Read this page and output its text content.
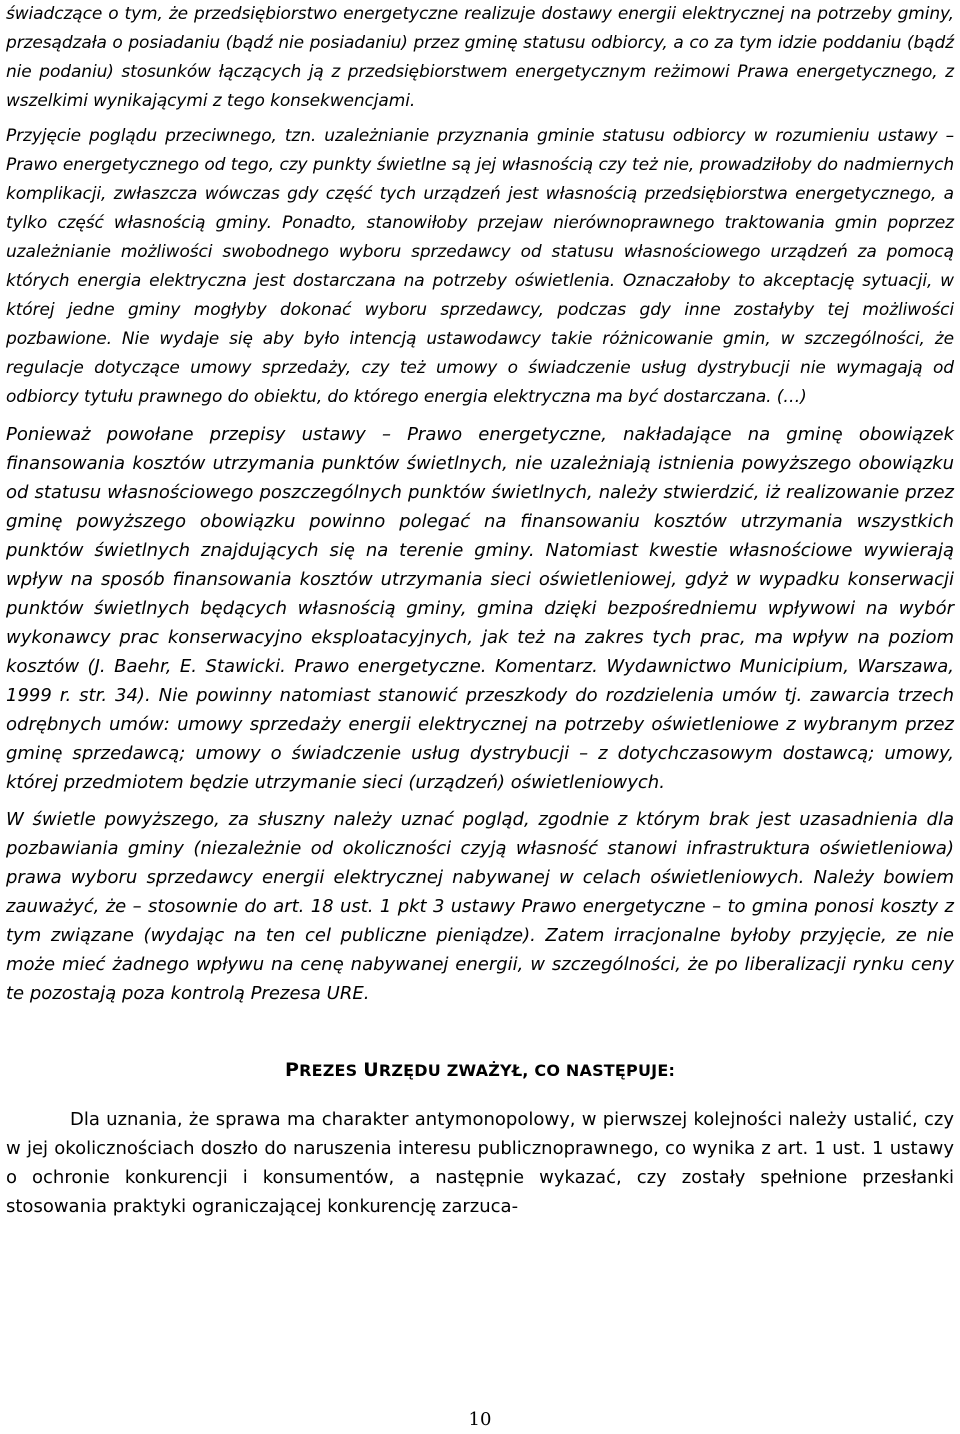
świadczące o tym, że przedsiębiorstwo energetyczne realizuje dostawy energii elektrycznej na potrzeby gminy, przesądzała o posiadaniu (bądź nie posiadaniu) przez gminę statusu odbiorcy, a co za tym idzie poddaniu (bądź nie podaniu) stosunków łączących ją z przedsiębiorstwem energetycznym reżimowi Prawa energetycznego, z wszelkimi wynikającymi z tego konsekwencjami.

Przyjęcie poglądu przeciwnego, tzn. uzależnianie przyznania gminie statusu odbiorcy w rozumieniu ustawy – Prawo energetycznego od tego, czy punkty świetlne są jej własnością czy też nie, prowadziłoby do nadmiernych komplikacji, zwłaszcza wówczas gdy część tych urządzeń jest własnością przedsiębiorstwa energetycznego, a tylko część własnością gminy. Ponadto, stanowiłoby przejaw nierównoprawnego traktowania gmin poprzez uzależnianie możliwości swobodnego wyboru sprzedawcy od statusu własnościowego urządzeń za pomocą których energia elektryczna jest dostarczana na potrzeby oświetlenia. Oznaczałoby to akceptację sytuacji, w której jedne gminy mogłyby dokonać wyboru sprzedawcy, podczas gdy inne zostałyby tej możliwości pozbawione. Nie wydaje się aby było intencją ustawodawcy takie różnicowanie gmin, w szczególności, że regulacje dotyczące umowy sprzedaży, czy też umowy o świadczenie usług dystrybucji nie wymagają od odbiorcy tytułu prawnego do obiektu, do którego energia elektryczna ma być dostarczana. (…)

Ponieważ powołane przepisy ustawy – Prawo energetyczne, nakładające na gminę obowiązek finansowania kosztów utrzymania punktów świetlnych, nie uzależniają istnienia powyższego obowiązku od statusu własnościowego poszczególnych punktów świetlnych, należy stwierdzić, iż realizowanie przez gminę powyższego obowiązku powinno polegać na finansowaniu kosztów utrzymania wszystkich punktów świetlnych znajdujących się na terenie gminy. Natomiast kwestie własnościowe wywierają wpływ na sposób finansowania kosztów utrzymania sieci oświetleniowej, gdyż w wypadku konserwacji punktów świetlnych będących własnością gminy, gmina dzięki bezpośredniemu wpływowi na wybór wykonawcy prac konserwacyjno eksploatacyjnych, jak też na zakres tych prac, ma wpływ na poziom kosztów (J. Baehr, E. Stawicki. Prawo energetyczne. Komentarz. Wydawnictwo Municipium, Warszawa, 1999 r. str. 34). Nie powinny natomiast stanowić przeszkody do rozdzielenia umów tj. zawarcia trzech odrębnych umów: umowy sprzedaży energii elektrycznej na potrzeby oświetleniowe z wybranym przez gminę sprzedawcą; umowy o świadczenie usług dystrybucji – z dotychczasowym dostawcą; umowy, której przedmiotem będzie utrzymanie sieci (urządzeń) oświetleniowych.

W świetle powyższego, za słuszny należy uznać pogląd, zgodnie z którym brak jest uzasadnienia dla pozbawiania gminy (niezależnie od okoliczności czyją własność stanowi infrastruktura oświetleniowa) prawa wyboru sprzedawcy energii elektrycznej nabywanej w celach oświetleniowych. Należy bowiem zauważyć, że – stosownie do art. 18 ust. 1 pkt 3 ustawy Prawo energetyczne – to gmina ponosi koszty z tym związane (wydając na ten cel publiczne pieniądze). Zatem irracjonalne byłoby przyjęcie, ze nie może mieć żadnego wpływu na cenę nabywanej energii, w szczególności, że po liberalizacji rynku ceny te pozostają poza kontrolą Prezesa URE.

PREZES URZĘDU ZWAŻYŁ, CO NASTĘPUJE:

Dla uznania, że sprawa ma charakter antymonopolowy, w pierwszej kolejności należy ustalić, czy w jej okolicznościach doszło do naruszenia interesu publicznoprawnego, co wynika z art. 1 ust. 1 ustawy o ochronie konkurencji i konsumentów, a następnie wykazać, czy zostały spełnione przesłanki stosowania praktyki ograniczającej konkurencję zarzuca-

10
